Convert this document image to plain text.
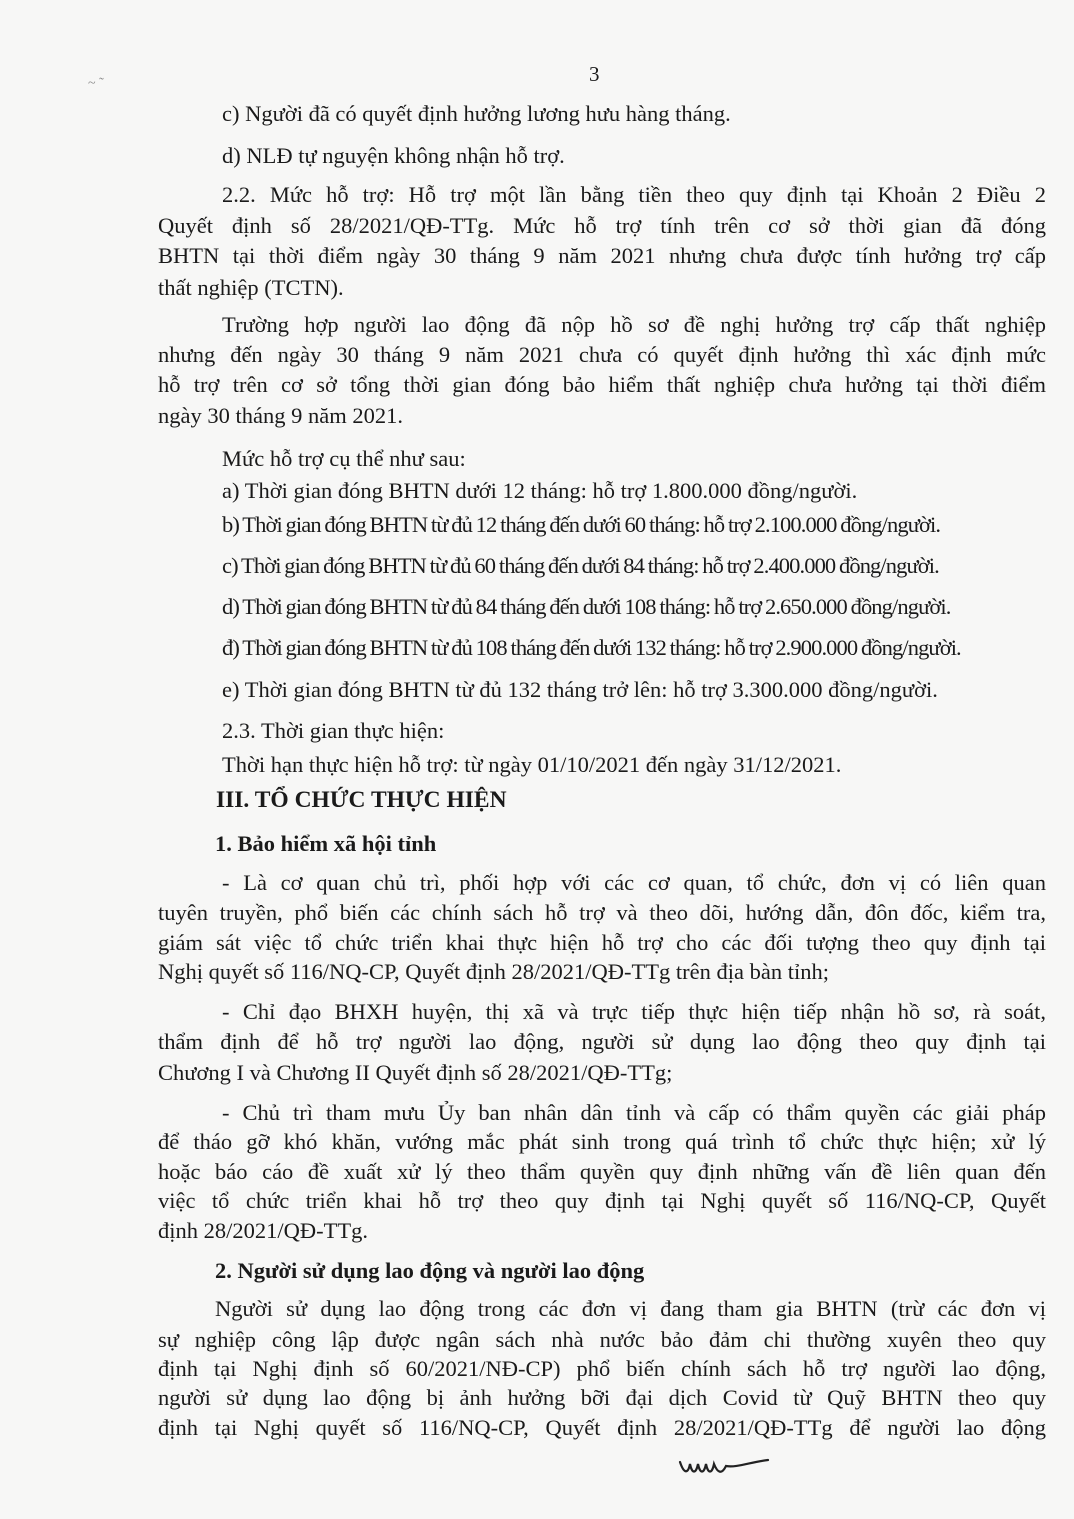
~ ˜	3
c) Người đã có quyết định hưởng lương hưu hàng tháng.
d) NLĐ tự nguyện không nhận hỗ trợ.
2.2. Mức hỗ trợ: Hỗ trợ một lần bằng tiền theo quy định tại Khoản 2 Điều 2
Quyết định số 28/2021/QĐ-TTg. Mức hỗ trợ tính trên cơ sở thời gian đã đóng
BHTN tại thời điểm ngày 30 tháng 9 năm 2021 nhưng chưa được tính hưởng trợ cấp
thất nghiệp (TCTN).
Trường hợp người lao động đã nộp hồ sơ đề nghị hưởng trợ cấp thất nghiệp
nhưng đến ngày 30 tháng 9 năm 2021 chưa có quyết định hưởng thì xác định mức
hỗ trợ trên cơ sở tổng thời gian đóng bảo hiểm thất nghiệp chưa hưởng tại thời điểm
ngày 30 tháng 9 năm 2021.
Mức hỗ trợ cụ thể như sau:
a) Thời gian đóng BHTN dưới 12 tháng: hỗ trợ 1.800.000 đồng/người.
b) Thời gian đóng BHTN từ đủ 12 tháng đến dưới 60 tháng: hỗ trợ 2.100.000 đồng/người.
c) Thời gian đóng BHTN từ đủ 60 tháng đến dưới 84 tháng: hỗ trợ 2.400.000 đồng/người.
d) Thời gian đóng BHTN từ đủ 84 tháng đến dưới 108 tháng: hỗ trợ 2.650.000 đồng/người.
đ) Thời gian đóng BHTN từ đủ 108 tháng đến dưới 132 tháng: hỗ trợ 2.900.000 đồng/người.
e) Thời gian đóng BHTN từ đủ 132 tháng trở lên: hỗ trợ 3.300.000 đồng/người.
2.3. Thời gian thực hiện:
Thời hạn thực hiện hỗ trợ: từ ngày 01/10/2021 đến ngày 31/12/2021.
III. TỔ CHỨC THỰC HIỆN
1. Bảo hiểm xã hội tỉnh
- Là cơ quan chủ trì, phối hợp với các cơ quan, tổ chức, đơn vị có liên quan
tuyên truyền, phổ biến các chính sách hỗ trợ và theo dõi, hướng dẫn, đôn đốc, kiểm tra,
giám sát việc tổ chức triển khai thực hiện hỗ trợ cho các đối tượng theo quy định tại
Nghị quyết số 116/NQ-CP, Quyết định 28/2021/QĐ-TTg trên địa bàn tỉnh;
- Chỉ đạo BHXH huyện, thị xã và trực tiếp thực hiện tiếp nhận hồ sơ, rà soát,
thẩm định để hỗ trợ người lao động, người sử dụng lao động theo quy định tại
Chương I và Chương II Quyết định số 28/2021/QĐ-TTg;
- Chủ trì tham mưu Ủy ban nhân dân tỉnh và cấp có thẩm quyền các giải pháp
để tháo gỡ khó khăn, vướng mắc phát sinh trong quá trình tổ chức thực hiện; xử lý
hoặc báo cáo đề xuất xử lý theo thẩm quyền quy định những vấn đề liên quan đến
việc tổ chức triển khai hỗ trợ theo quy định tại Nghị quyết số 116/NQ-CP, Quyết
định 28/2021/QĐ-TTg.
2. Người sử dụng lao động và người lao động
Người sử dụng lao động trong các đơn vị đang tham gia BHTN (trừ các đơn vị
sự nghiệp công lập được ngân sách nhà nước bảo đảm chi thường xuyên theo quy
định tại Nghị định số 60/2021/NĐ-CP) phổ biến chính sách hỗ trợ người lao động,
người sử dụng lao động bị ảnh hưởng bỡi đại dịch Covid từ Quỹ BHTN theo quy
định tại Nghị quyết số 116/NQ-CP, Quyết định 28/2021/QĐ-TTg để người lao động
